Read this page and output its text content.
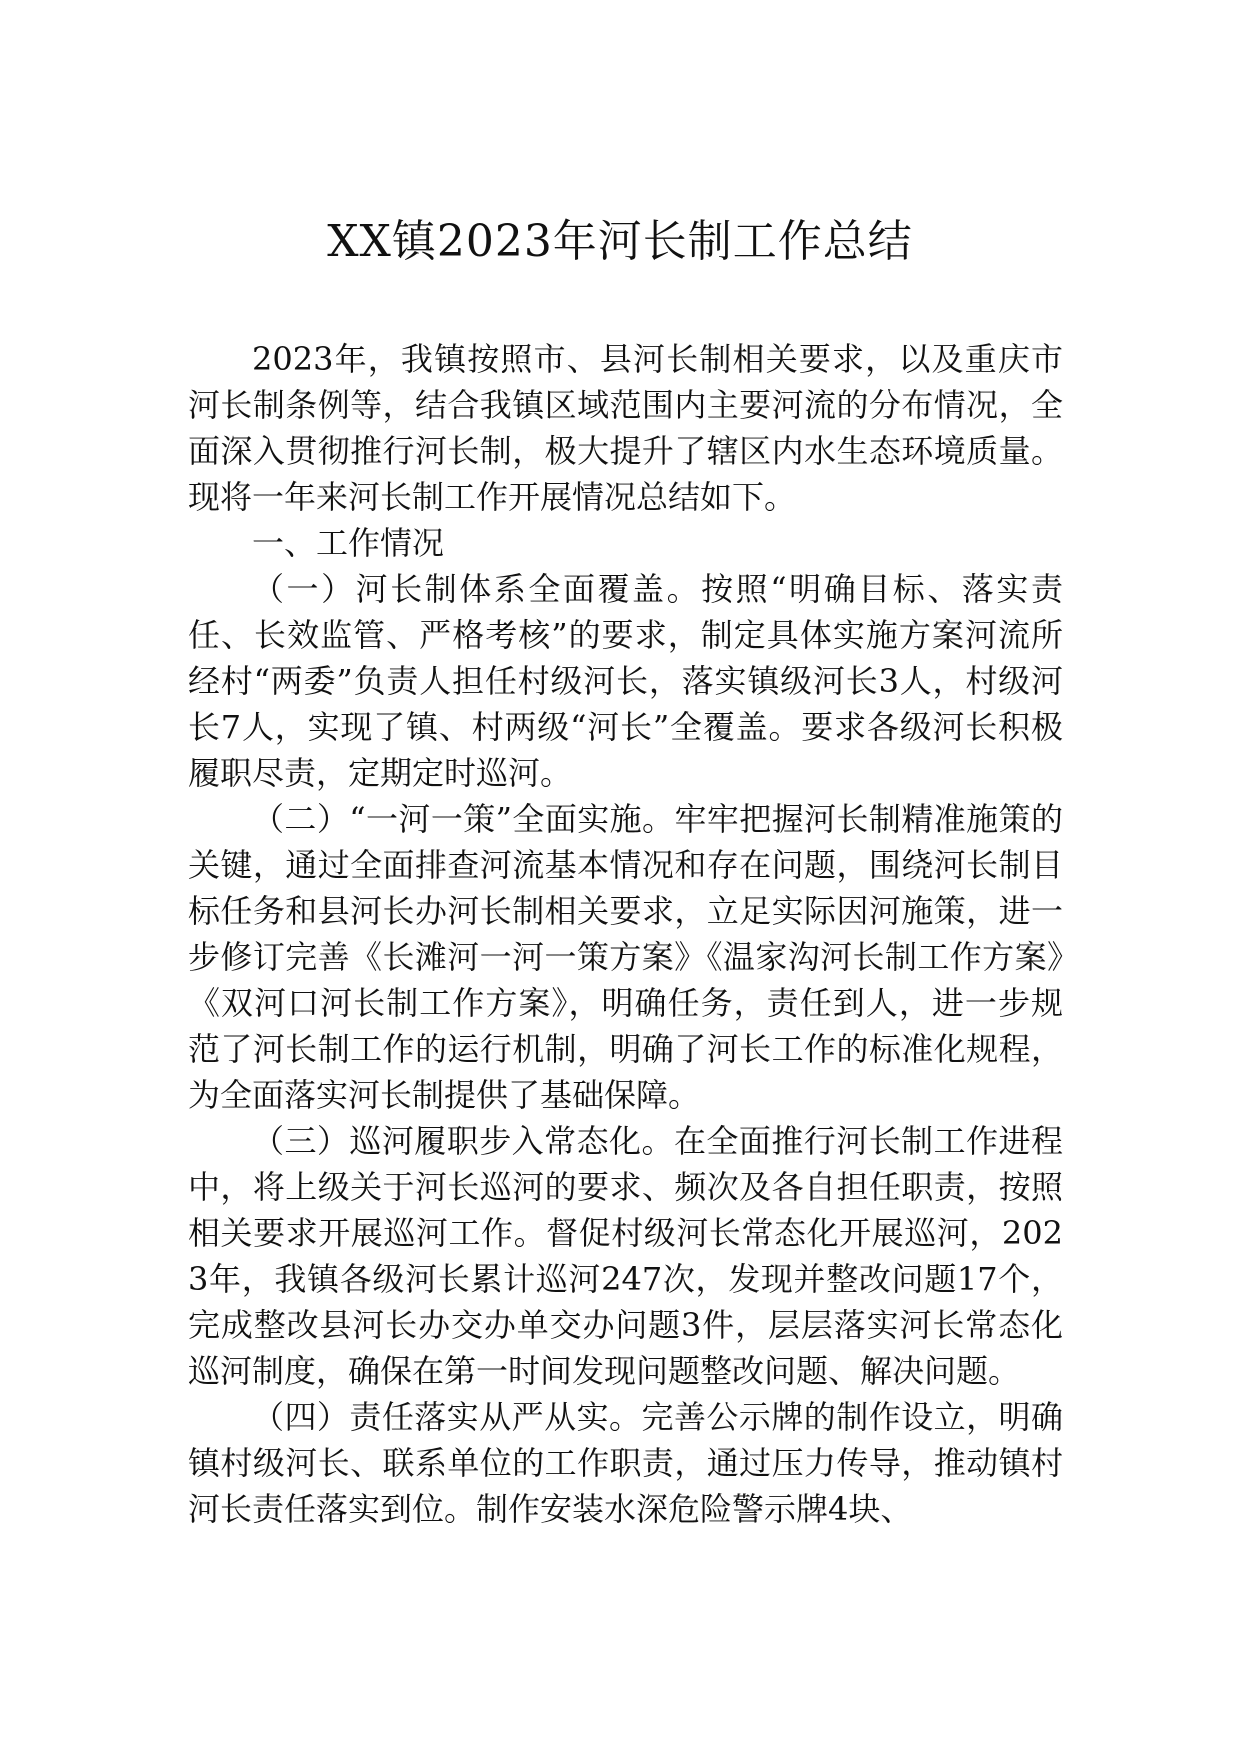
XX镇2023年河长制工作总结

2023年，我镇按照市、县河长制相关要求，以及重庆市河长制条例等，结合我镇区域范围内主要河流的分布情况，全面深入贯彻推行河长制，极大提升了辖区内水生态环境质量。现将一年来河长制工作开展情况总结如下。

一、工作情况

（一）河长制体系全面覆盖。按照“明确目标、落实责任、长效监管、严格考核”的要求，制定具体实施方案河流所经村“两委”负责人担任村级河长，落实镇级河长3人，村级河长7人，实现了镇、村两级“河长”全覆盖。要求各级河长积极履职尽责，定期定时巡河。

（二）“一河一策”全面实施。牢牢把握河长制精准施策的关键，通过全面排查河流基本情况和存在问题，围绕河长制目标任务和县河长办河长制相关要求，立足实际因河施策，进一步修订完善《长滩河一河一策方案》《温家沟河长制工作方案》《双河口河长制工作方案》，明确任务，责任到人，进一步规范了河长制工作的运行机制，明确了河长工作的标准化规程，为全面落实河长制提供了基础保障。

（三）巡河履职步入常态化。在全面推行河长制工作进程中，将上级关于河长巡河的要求、频次及各自担任职责，按照相关要求开展巡河工作。督促村级河长常态化开展巡河，2023年，我镇各级河长累计巡河247次，发现并整改问题17个，完成整改县河长办交办单交办问题3件，层层落实河长常态化巡河制度，确保在第一时间发现问题整改问题、解决问题。

（四）责任落实从严从实。完善公示牌的制作设立，明确镇村级河长、联系单位的工作职责，通过压力传导，推动镇村河长责任落实到位。制作安装水深危险警示牌4块、
